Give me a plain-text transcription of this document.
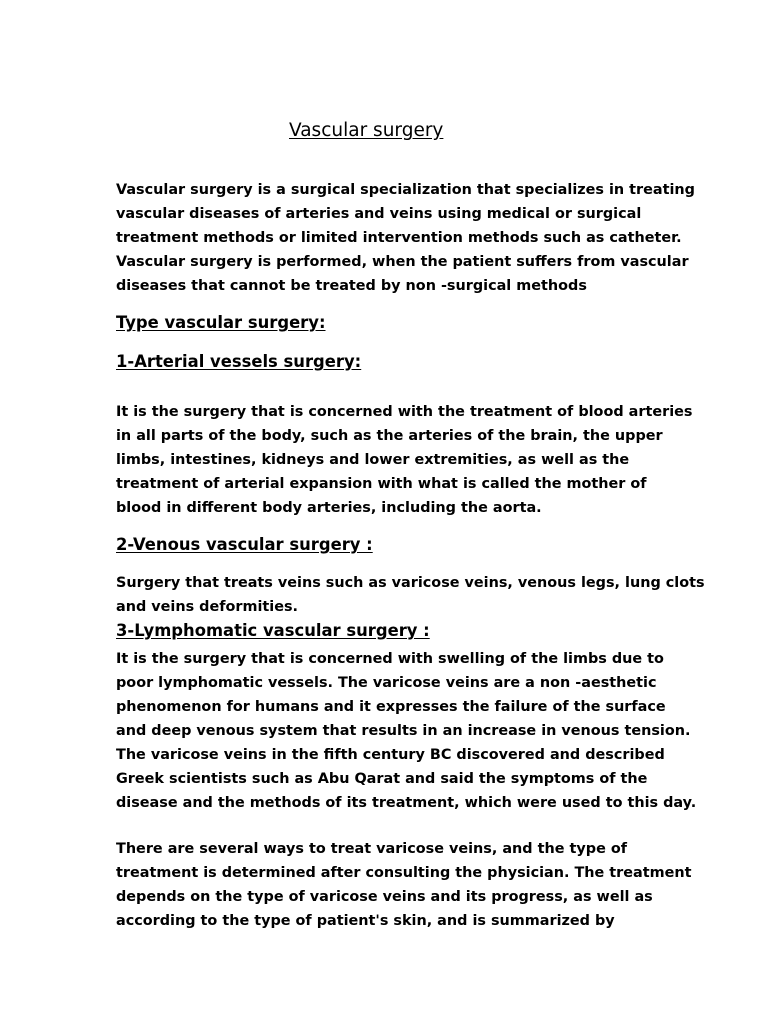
Vascular surgery
Vascular surgery is a surgical specialization that specializes in treating
vascular diseases of arteries and veins using medical or surgical
treatment methods or limited intervention methods such as catheter.
Vascular surgery is performed, when the patient suffers from vascular
diseases that cannot be treated by non -surgical methods
Type vascular surgery:
1-Arterial vessels surgery:
It is the surgery that is concerned with the treatment of blood arteries
in all parts of the body, such as the arteries of the brain, the upper
limbs, intestines, kidneys and lower extremities, as well as the
treatment of arterial expansion with what is called the mother of
blood in different body arteries, including the aorta.
2-Venous vascular surgery :
Surgery that treats veins such as varicose veins, venous legs, lung clots
and veins deformities.
3-Lymphomatic vascular surgery :
It is the surgery that is concerned with swelling of the limbs due to
poor lymphomatic vessels. The varicose veins are a non -aesthetic
phenomenon for humans and it expresses the failure of the surface
and deep venous system that results in an increase in venous tension.
The varicose veins in the fifth century BC discovered and described
Greek scientists such as Abu Qarat and said the symptoms of the
disease and the methods of its treatment, which were used to this day.
There are several ways to treat varicose veins, and the type of
treatment is determined after consulting the physician. The treatment
depends on the type of varicose veins and its progress, as well as
according to the type of patient's skin, and is summarized by
